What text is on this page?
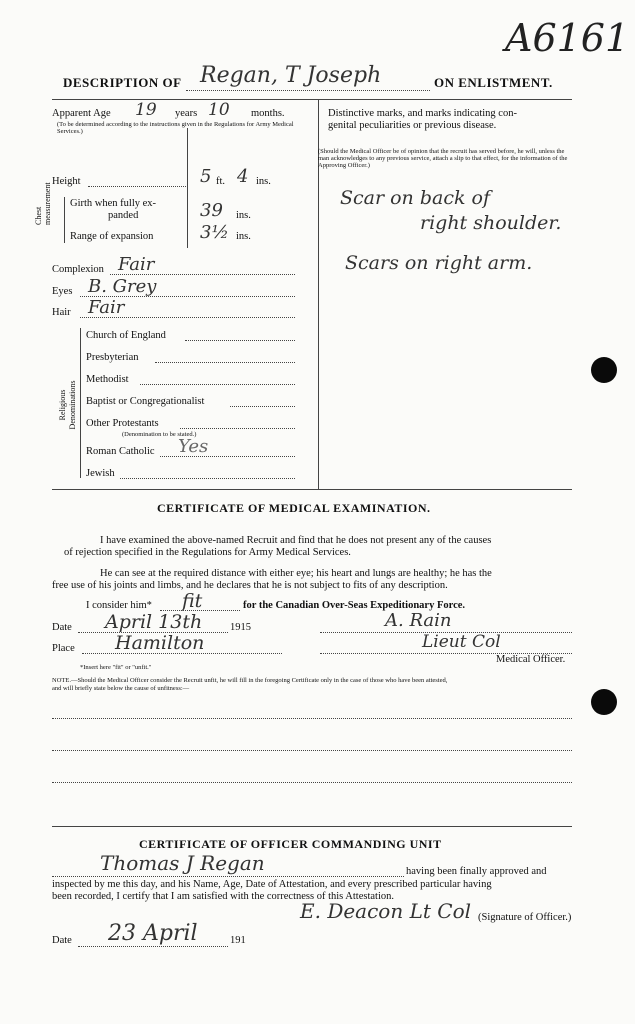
A6161
DESCRIPTION OF Regan, T Joseph	ON ENLISTMENT.
Apparent Age 19 years 10 months.
(To be determined according to the instructions given in the Regulations for Army Medical Services.)
Distinctive marks, and marks indicating con-
genital peculiarities or previous disease.
(Should the Medical Officer be of opinion that the recruit has served before, he will, unless the man acknowledges to any previous service, attach a slip to that effect, for the information of the Approving Officer.)
Scar on back of
right shoulder.
Scars on right arm.
Height	5 ft. 4 ins.
Chest measurement Girth when fully ex-
panded	39 ins.
Range of expansion	3½ ins.
Complexion Fair
Eyes B. Grey
Hair Fair
Religious Denominations
Church of England
Presbyterian
Methodist
Baptist or Congregationalist
Other Protestants
(Denomination to be stated.)
Roman Catholic Yes
Jewish
CERTIFICATE OF MEDICAL EXAMINATION.
I have examined the above-named Recruit and find that he does not present any of the causes
of rejection specified in the Regulations for Army Medical Services.
He can see at the required distance with either eye; his heart and lungs are healthy; he has the
free use of his joints and limbs, and he declares that he is not subject to fits of any description.
I consider him* fit	for the Canadian Over-Seas Expeditionary Force.
Date April 13th	1915	A. Rain
Place Hamilton	Lieut Col
Medical Officer.
*Insert here "fit" or "unfit."
NOTE.—Should the Medical Officer consider the Recruit unfit, he will fill in the foregoing Certificate only in the case of those who have been attested,
and will briefly state below the cause of unfitness:—
CERTIFICATE OF OFFICER COMMANDING UNIT
Thomas J Regan	having been finally approved and
inspected by me this day, and his Name, Age, Date of Attestation, and every prescribed particular having
been recorded, I certify that I am satisfied with the correctness of this Attestation.
E. Deacon Lt Col (Signature of Officer.)
Date 23 April	191
